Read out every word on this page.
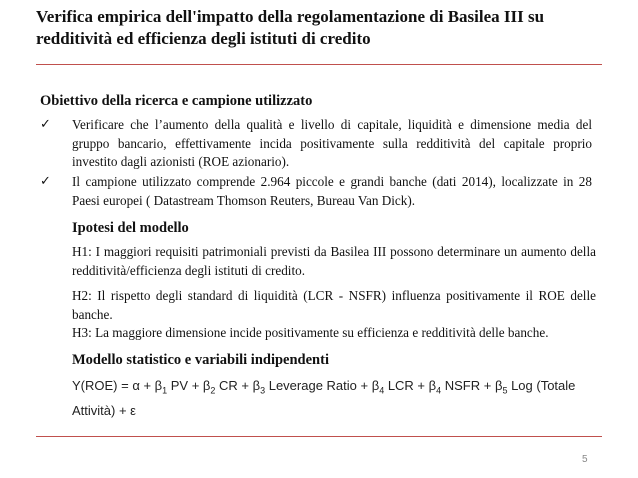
Verifica empirica dell'impatto della regolamentazione di Basilea III su redditività ed efficienza degli istituti di credito
Obiettivo della ricerca e campione utilizzato
✓	Verificare che l’aumento della qualità e livello di capitale, liquidità e dimensione media del gruppo bancario, effettivamente incida positivamente sulla redditività del capitale proprio investito dagli azionisti (ROE azionario).
✓	Il campione utilizzato comprende 2.964 piccole e grandi banche (dati 2014), localizzate in 28 Paesi europei ( Datastream Thomson Reuters, Bureau Van Dick).
Ipotesi del modello
H1: I maggiori requisiti patrimoniali previsti da Basilea III possono determinare un aumento della redditività/efficienza degli istituti di credito.
H2: Il rispetto degli standard di liquidità (LCR - NSFR) influenza positivamente il ROE delle banche.
H3: La maggiore dimensione incide positivamente su efficienza e redditività delle banche.
Modello statistico e variabili indipendenti
$Y(ROE) = \alpha + \beta_1$ PV + $\beta_2$ CR + $\beta_3$ Leverage Ratio + $\beta_4$ LCR + $\beta_4$ NSFR + $\beta_5$ Log (Totale Attività) + ε
5
